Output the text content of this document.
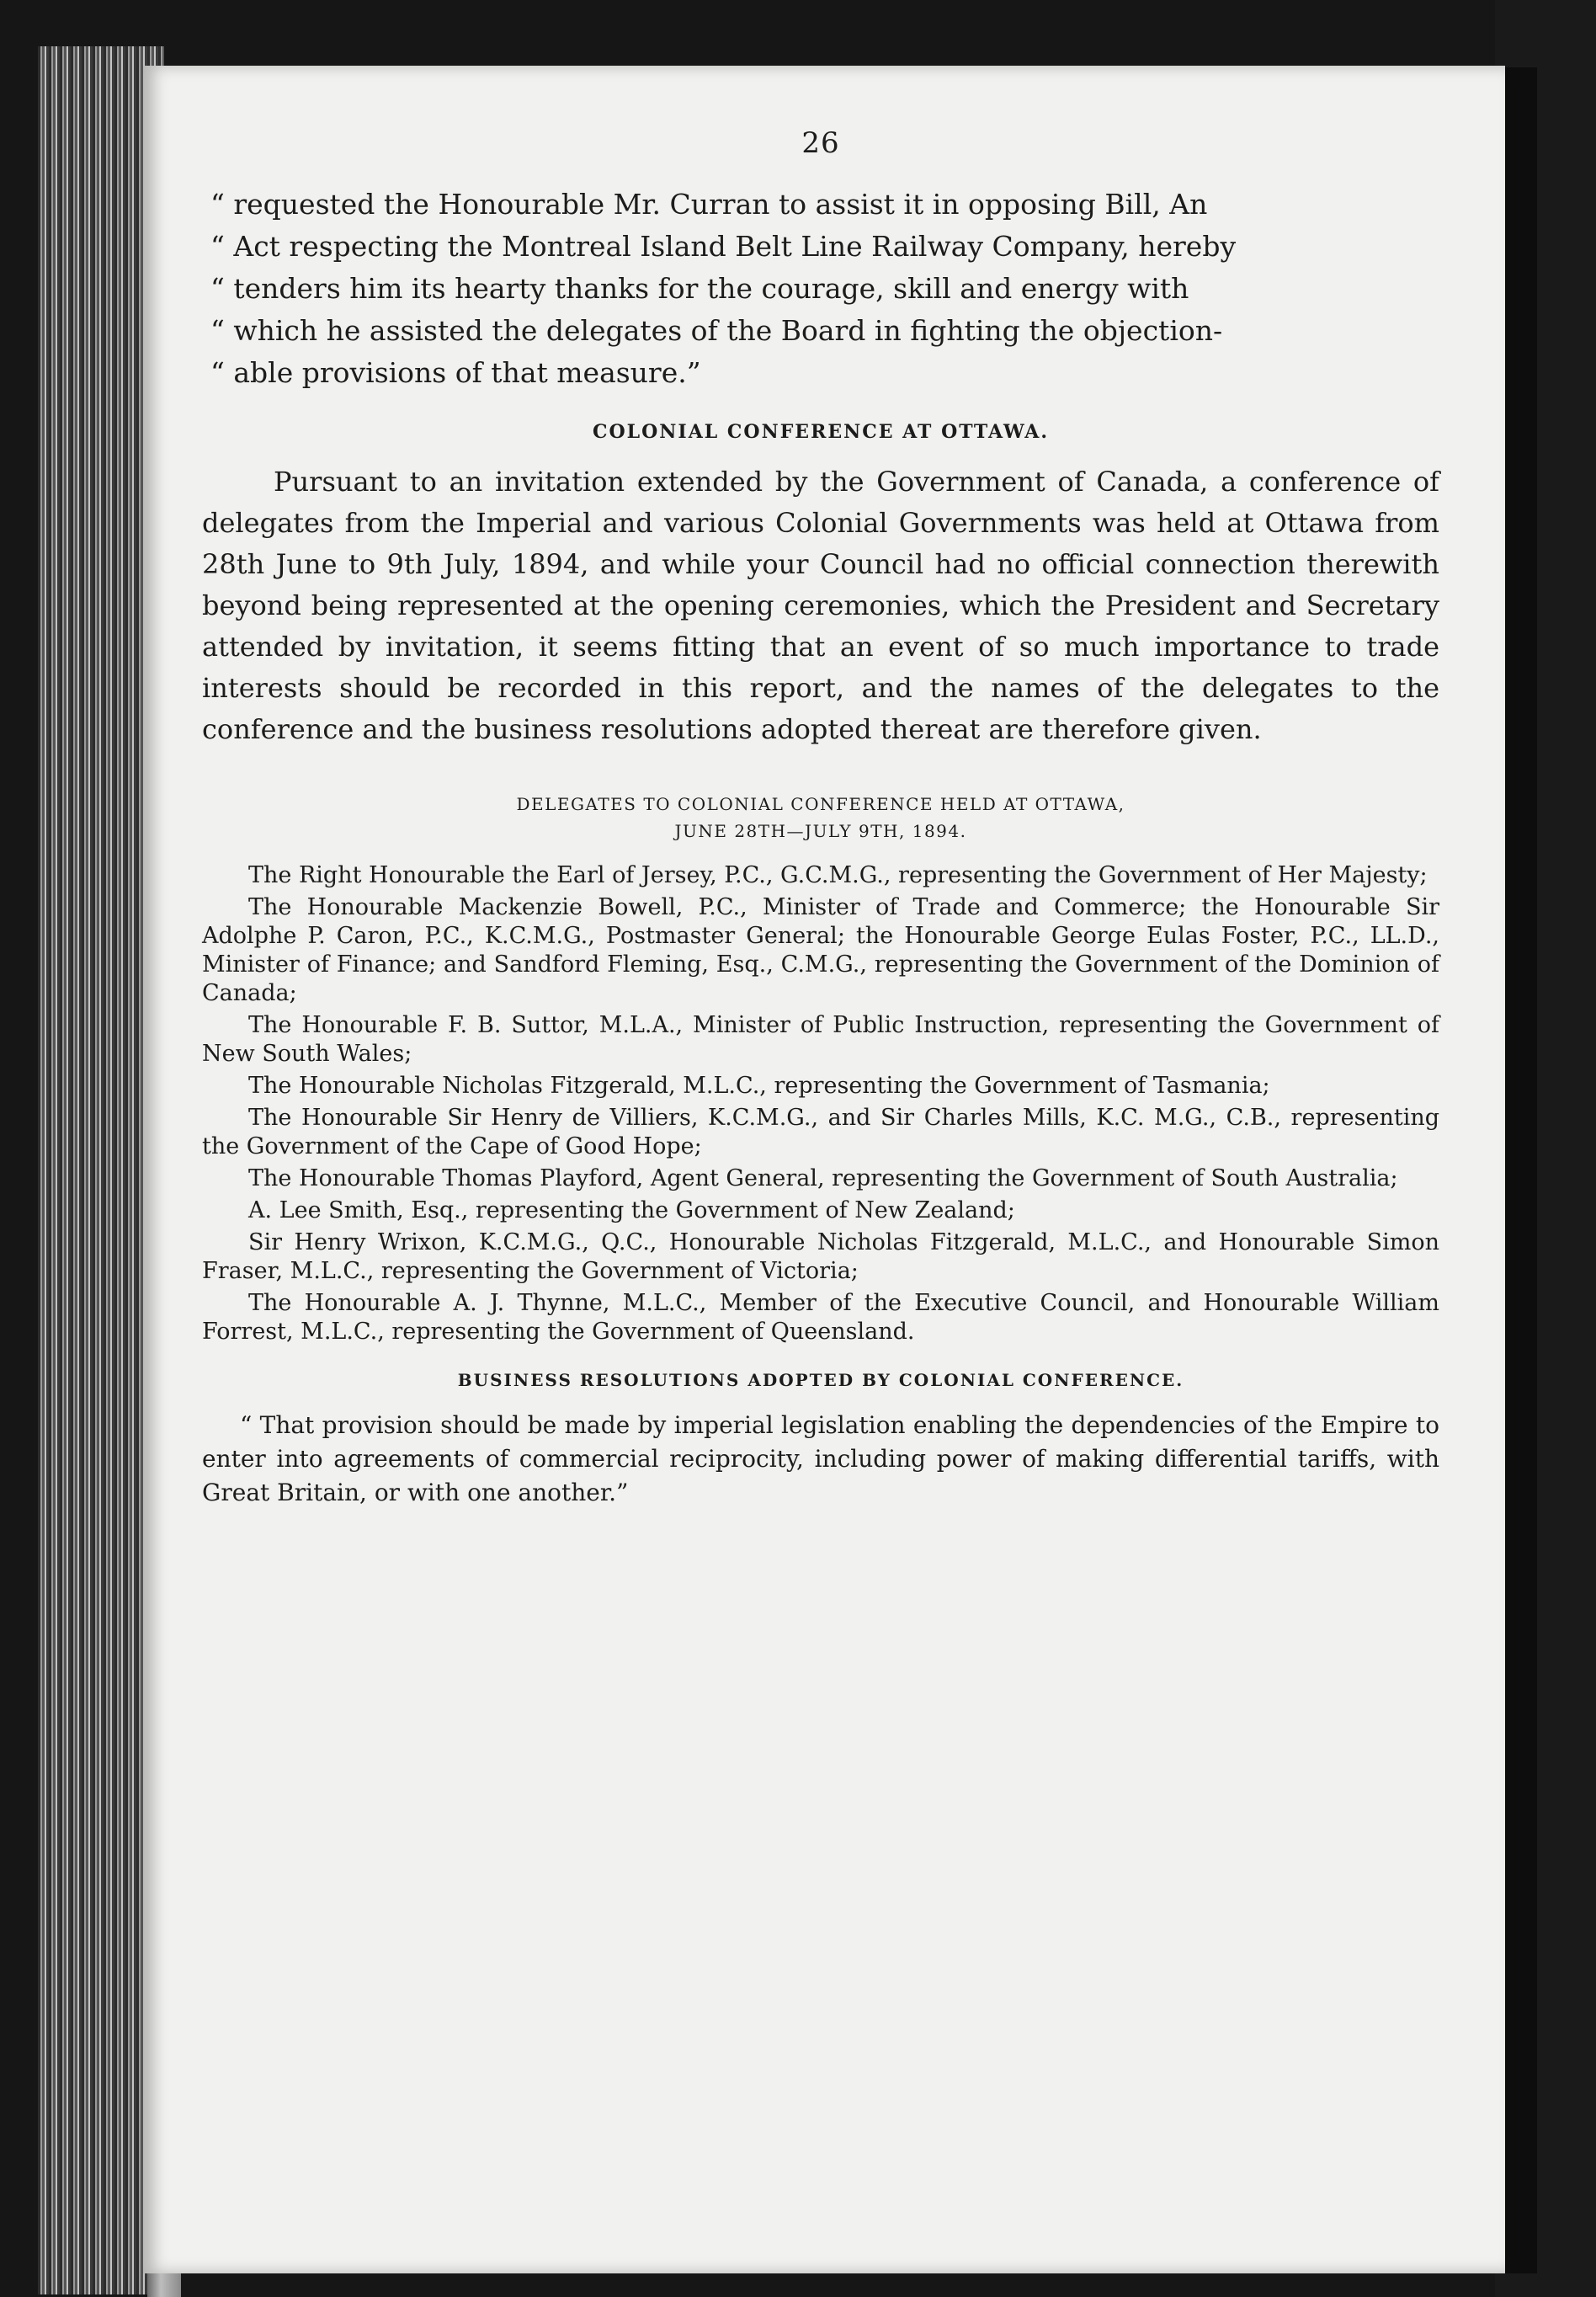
26

“ requested the Honourable Mr. Curran to assist it in opposing Bill, An

“ Act respecting the Montreal Island Belt Line Railway Company, hereby

“ tenders him its hearty thanks for the courage, skill and energy with

“ which he assisted the delegates of the Board in fighting the objection-

“ able provisions of that measure.”

COLONIAL CONFERENCE AT OTTAWA.

Pursuant to an invitation extended by the Government of Canada, a conference of delegates from the Imperial and various Colonial Governments was held at Ottawa from 28th June to 9th July, 1894, and while your Council had no official connection therewith beyond being represented at the opening ceremonies, which the President and Secretary attended by invitation, it seems fitting that an event of so much importance to trade interests should be recorded in this report, and the names of the delegates to the conference and the business resolutions adopted thereat are therefore given.

DELEGATES TO COLONIAL CONFERENCE HELD AT OTTAWA,
JUNE 28TH—JULY 9TH, 1894.

The Right Honourable the Earl of Jersey, P.C., G.C.M.G., representing the Government of Her Majesty;

The Honourable Mackenzie Bowell, P.C., Minister of Trade and Commerce; the Honourable Sir Adolphe P. Caron, P.C., K.C.M.G., Postmaster General; the Honourable George Eulas Foster, P.C., LL.D., Minister of Finance; and Sandford Fleming, Esq., C.M.G., representing the Government of the Dominion of Canada;

The Honourable F. B. Suttor, M.L.A., Minister of Public Instruction, representing the Government of New South Wales;

The Honourable Nicholas Fitzgerald, M.L.C., representing the Government of Tasmania;

The Honourable Sir Henry de Villiers, K.C.M.G., and Sir Charles Mills, K.C. M.G., C.B., representing the Government of the Cape of Good Hope;

The Honourable Thomas Playford, Agent General, representing the Government of South Australia;

A. Lee Smith, Esq., representing the Government of New Zealand;

Sir Henry Wrixon, K.C.M.G., Q.C., Honourable Nicholas Fitzgerald, M.L.C., and Honourable Simon Fraser, M.L.C., representing the Government of Victoria;

The Honourable A. J. Thynne, M.L.C., Member of the Executive Council, and Honourable William Forrest, M.L.C., representing the Government of Queensland.

BUSINESS RESOLUTIONS ADOPTED BY COLONIAL CONFERENCE.

“ That provision should be made by imperial legislation enabling the dependencies of the Empire to enter into agreements of commercial reciprocity, including power of making differential tariffs, with Great Britain, or with one another.”
